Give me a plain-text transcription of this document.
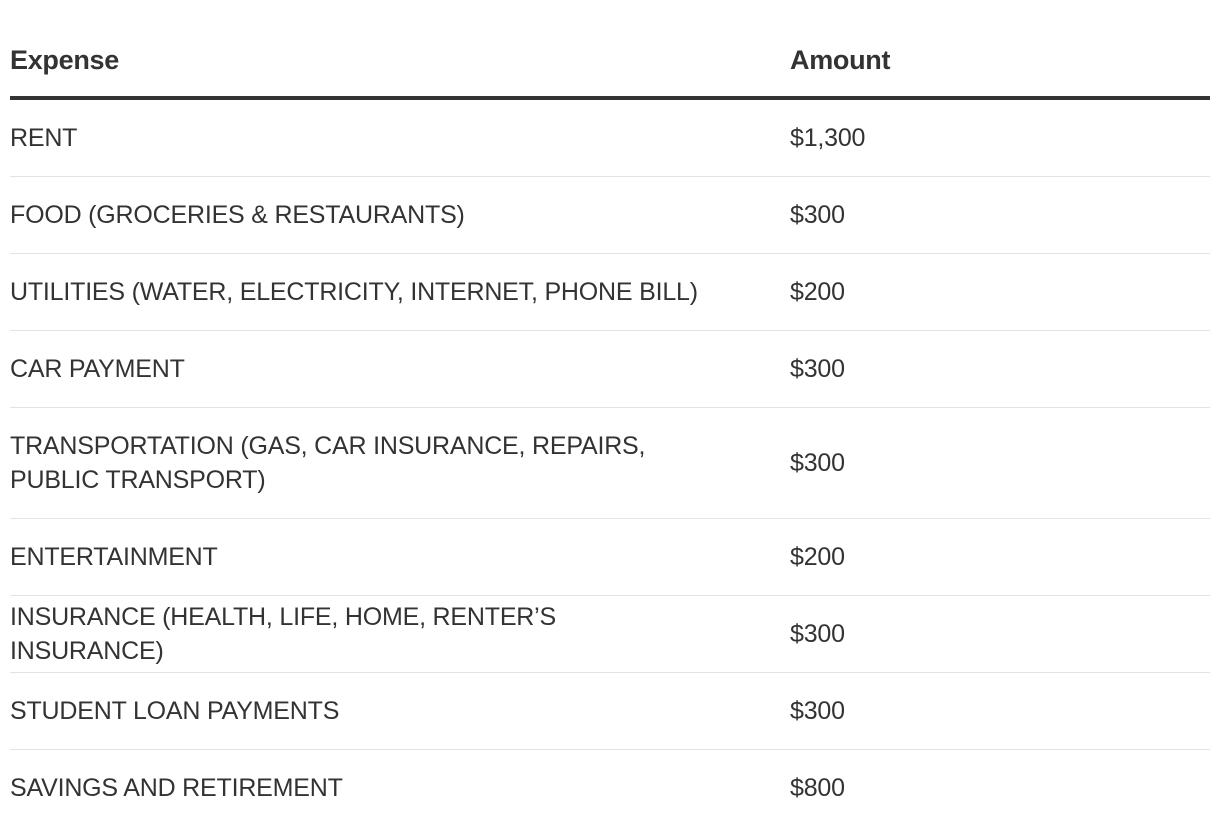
Expense	Amount
RENT	$1,300
FOOD (GROCERIES & RESTAURANTS)	$300
UTILITIES (WATER, ELECTRICITY, INTERNET, PHONE BILL)	$200
CAR PAYMENT	$300
TRANSPORTATION (GAS, CAR INSURANCE, REPAIRS, PUBLIC TRANSPORT)	$300
ENTERTAINMENT	$200
INSURANCE (HEALTH, LIFE, HOME, RENTER’S INSURANCE)	$300
STUDENT LOAN PAYMENTS	$300
SAVINGS AND RETIREMENT	$800
